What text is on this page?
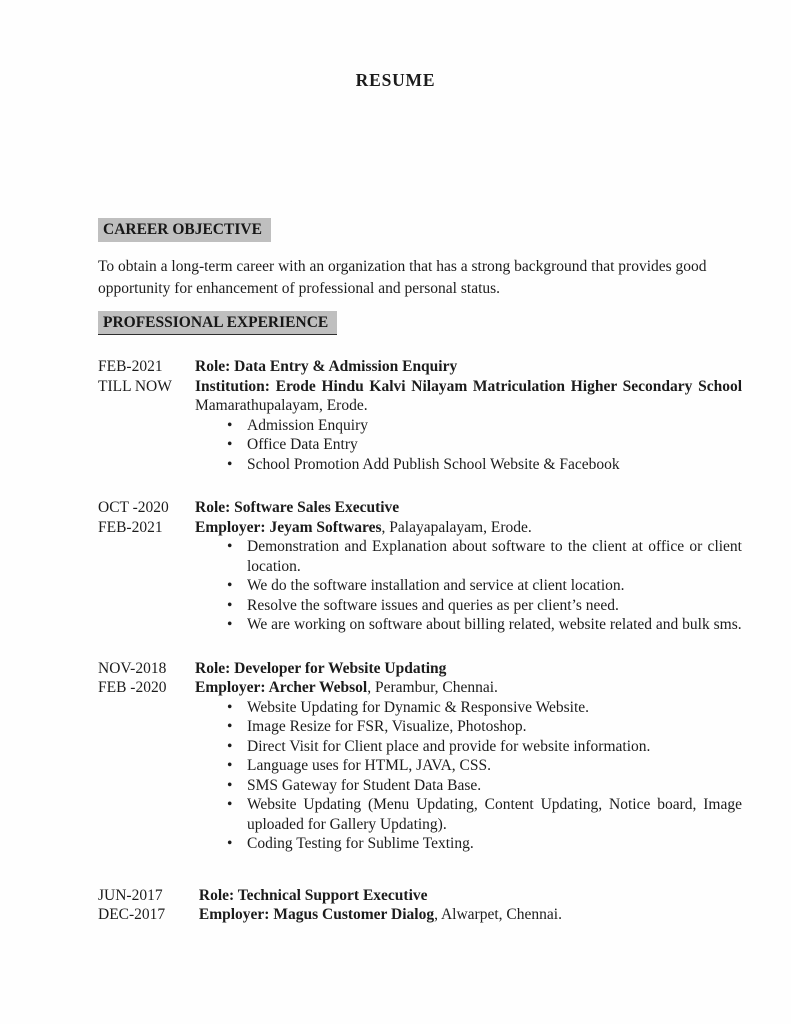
RESUME
CAREER OBJECTIVE

To obtain a long-term career with an organization that has a strong background that provides good opportunity for enhancement of professional and personal status.

PROFESSIONAL EXPERIENCE
FEB-2021
TILL NOW
Role: Data Entry & Admission Enquiry
Institution: Erode Hindu Kalvi Nilayam Matriculation Higher Secondary School Mamarathupalayam, Erode.
• Admission Enquiry
• Office Data Entry
• School Promotion Add Publish School Website & Facebook
OCT -2020
FEB-2021
Role: Software Sales Executive
Employer: Jeyam Softwares, Palayapalayam, Erode.
• Demonstration and Explanation about software to the client at office or client location.
• We do the software installation and service at client location.
• Resolve the software issues and queries as per client’s need.
• We are working on software about billing related, website related and bulk sms.
NOV-2018
FEB -2020
Role: Developer for Website Updating
Employer: Archer Websol, Perambur, Chennai.
• Website Updating for Dynamic & Responsive Website.
• Image Resize for FSR, Visualize, Photoshop.
• Direct Visit for Client place and provide for website information.
• Language uses for HTML, JAVA, CSS.
• SMS Gateway for Student Data Base.
• Website Updating (Menu Updating, Content Updating, Notice board, Image uploaded for Gallery Updating).
• Coding Testing for Sublime Texting.
JUN-2017
DEC-2017
Role: Technical Support Executive
Employer: Magus Customer Dialog, Alwarpet, Chennai.
